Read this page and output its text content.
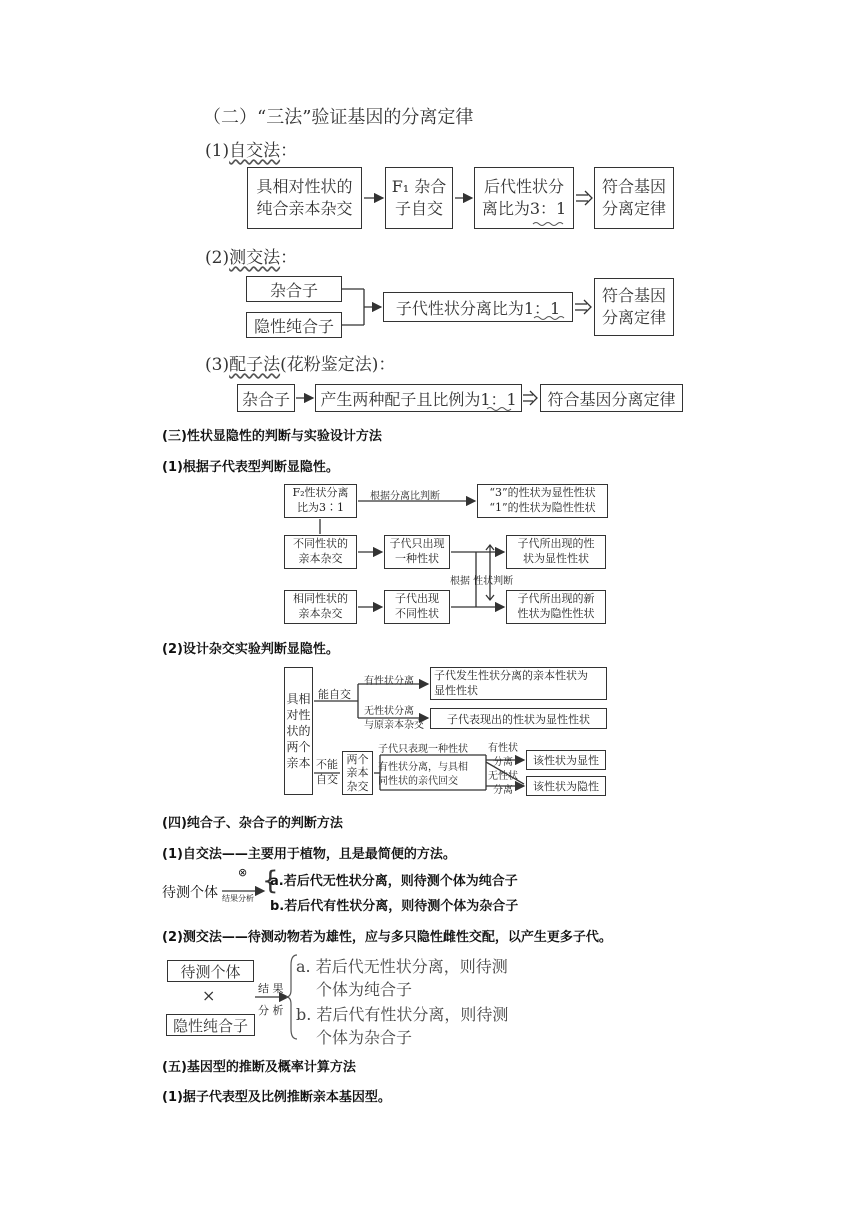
（二）“三法”验证基因的分离定律
(1)自交法：
具相对性状的
纯合亲本杂交
F₁ 杂合
子自交
后代性状分
离比为3：1
符合基因
分离定律
(2)测交法：
杂合子
隐性纯合子
子代性状分离比为1：1
符合基因
分离定律
(3)配子法(花粉鉴定法)：
杂合子	产生两种配子且比例为1：1	符合基因分离定律
(三)性状显隐性的判断与实验设计方法
(1)根据子代表型判断显隐性。
F₂性状分离
比为3∶1
根据分离比判断	“3”的性状为显性性状
“1”的性状为隐性性状
不同性状的
亲本杂交
子代只出现
一种性状
子代所出现的性
状为显性性状
根据 性状判断
相同性状的
亲本杂交
子代出现
不同性状
子代所出现的新
性状为隐性性状
(2)设计杂交实验判断显隐性。
具相
对性
状的
两个
亲本
能自交
不能
自交
有性状分离 子代发生性状分离的亲本性状为
显性性状
无性状分离
与原亲本杂交	子代表现出的性状为显性性状
两个
亲本
杂交
子代只表现一种性状
有性状分离，与具相
同性状的亲代回交
有性状
分离
无性状
分离
该性状为显性
该性状为隐性
(四)纯合子、杂合子的判断方法
(1)自交法——主要用于植物，且是最简便的方法。
待测个体
⊗
结果分析
{
a.若后代无性状分离，则待测个体为纯合子
b.若后代有性状分离，则待测个体为杂合子
(2)测交法——待测动物若为雄性，应与多只隐性雌性交配，以产生更多子代。
待测个体
×
隐性纯合子
结 果
分 析
a. 若后代无性状分离，则待测
个体为纯合子
b. 若后代有性状分离，则待测
个体为杂合子
(五)基因型的推断及概率计算方法
(1)据子代表型及比例推断亲本基因型。
